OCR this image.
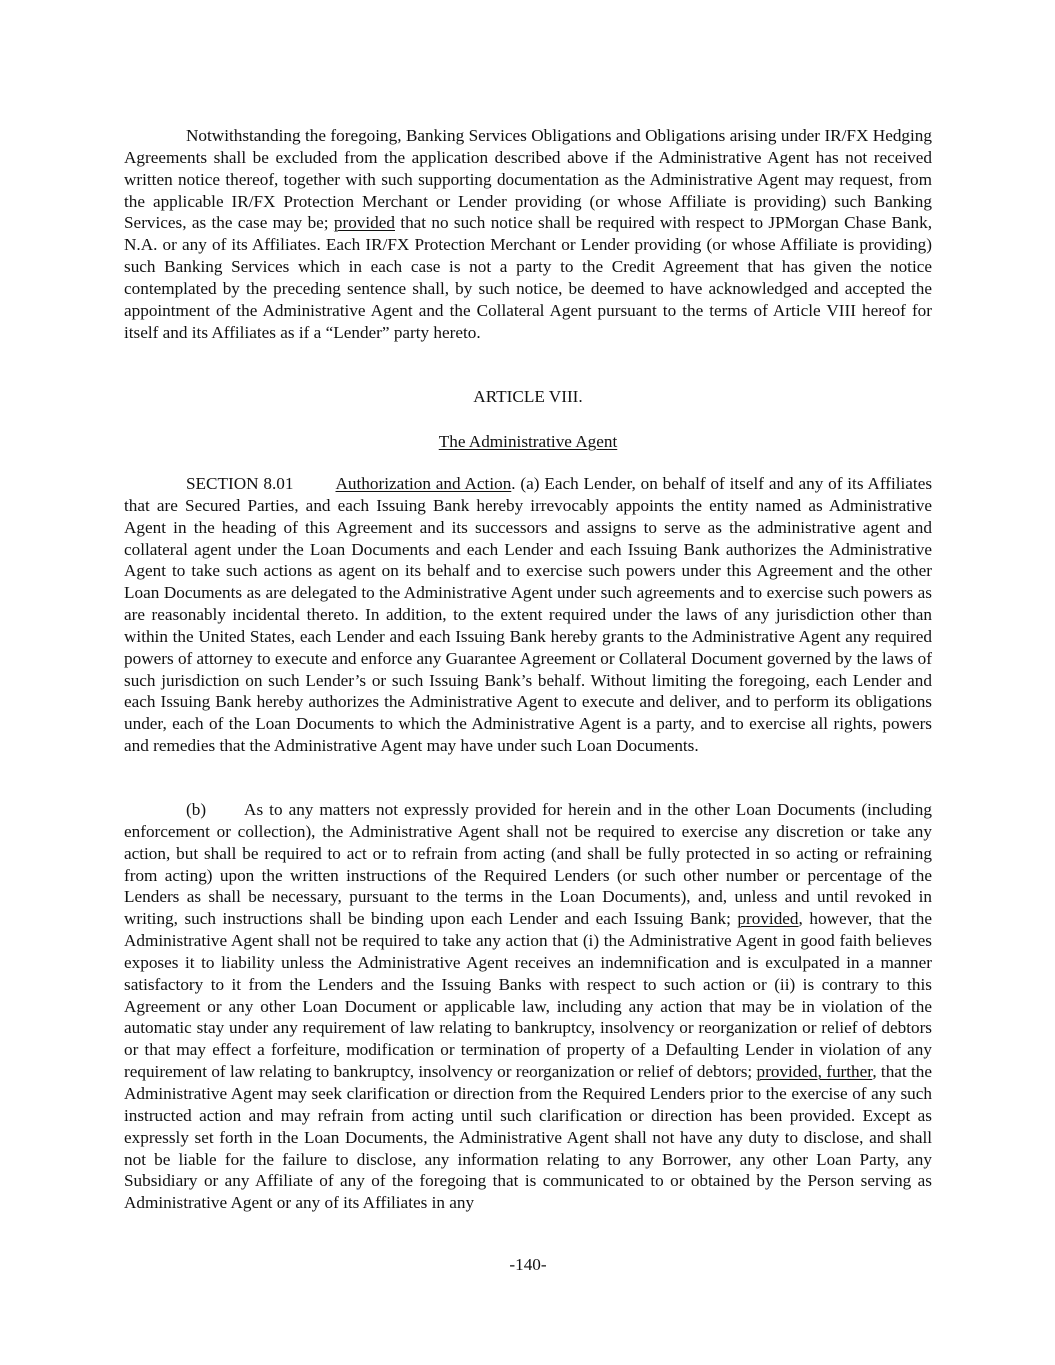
Notwithstanding the foregoing, Banking Services Obligations and Obligations arising under IR/FX Hedging Agreements shall be excluded from the application described above if the Administrative Agent has not received written notice thereof, together with such supporting documentation as the Administrative Agent may request, from the applicable IR/FX Protection Merchant or Lender providing (or whose Affiliate is providing) such Banking Services, as the case may be; provided that no such notice shall be required with respect to JPMorgan Chase Bank, N.A. or any of its Affiliates. Each IR/FX Protection Merchant or Lender providing (or whose Affiliate is providing) such Banking Services which in each case is not a party to the Credit Agreement that has given the notice contemplated by the preceding sentence shall, by such notice, be deemed to have acknowledged and accepted the appointment of the Administrative Agent and the Collateral Agent pursuant to the terms of Article VIII hereof for itself and its Affiliates as if a “Lender” party hereto.

ARTICLE VIII.

The Administrative Agent

SECTION 8.01 Authorization and Action. (a) Each Lender, on behalf of itself and any of its Affiliates that are Secured Parties, and each Issuing Bank hereby irrevocably appoints the entity named as Administrative Agent in the heading of this Agreement and its successors and assigns to serve as the administrative agent and collateral agent under the Loan Documents and each Lender and each Issuing Bank authorizes the Administrative Agent to take such actions as agent on its behalf and to exercise such powers under this Agreement and the other Loan Documents as are delegated to the Administrative Agent under such agreements and to exercise such powers as are reasonably incidental thereto. In addition, to the extent required under the laws of any jurisdiction other than within the United States, each Lender and each Issuing Bank hereby grants to the Administrative Agent any required powers of attorney to execute and enforce any Guarantee Agreement or Collateral Document governed by the laws of such jurisdiction on such Lender’s or such Issuing Bank’s behalf. Without limiting the foregoing, each Lender and each Issuing Bank hereby authorizes the Administrative Agent to execute and deliver, and to perform its obligations under, each of the Loan Documents to which the Administrative Agent is a party, and to exercise all rights, powers and remedies that the Administrative Agent may have under such Loan Documents.

(b) As to any matters not expressly provided for herein and in the other Loan Documents (including enforcement or collection), the Administrative Agent shall not be required to exercise any discretion or take any action, but shall be required to act or to refrain from acting (and shall be fully protected in so acting or refraining from acting) upon the written instructions of the Required Lenders (or such other number or percentage of the Lenders as shall be necessary, pursuant to the terms in the Loan Documents), and, unless and until revoked in writing, such instructions shall be binding upon each Lender and each Issuing Bank; provided, however, that the Administrative Agent shall not be required to take any action that (i) the Administrative Agent in good faith believes exposes it to liability unless the Administrative Agent receives an indemnification and is exculpated in a manner satisfactory to it from the Lenders and the Issuing Banks with respect to such action or (ii) is contrary to this Agreement or any other Loan Document or applicable law, including any action that may be in violation of the automatic stay under any requirement of law relating to bankruptcy, insolvency or reorganization or relief of debtors or that may effect a forfeiture, modification or termination of property of a Defaulting Lender in violation of any requirement of law relating to bankruptcy, insolvency or reorganization or relief of debtors; provided, further, that the Administrative Agent may seek clarification or direction from the Required Lenders prior to the exercise of any such instructed action and may refrain from acting until such clarification or direction has been provided. Except as expressly set forth in the Loan Documents, the Administrative Agent shall not have any duty to disclose, and shall not be liable for the failure to disclose, any information relating to any Borrower, any other Loan Party, any Subsidiary or any Affiliate of any of the foregoing that is communicated to or obtained by the Person serving as Administrative Agent or any of its Affiliates in any

-140-
